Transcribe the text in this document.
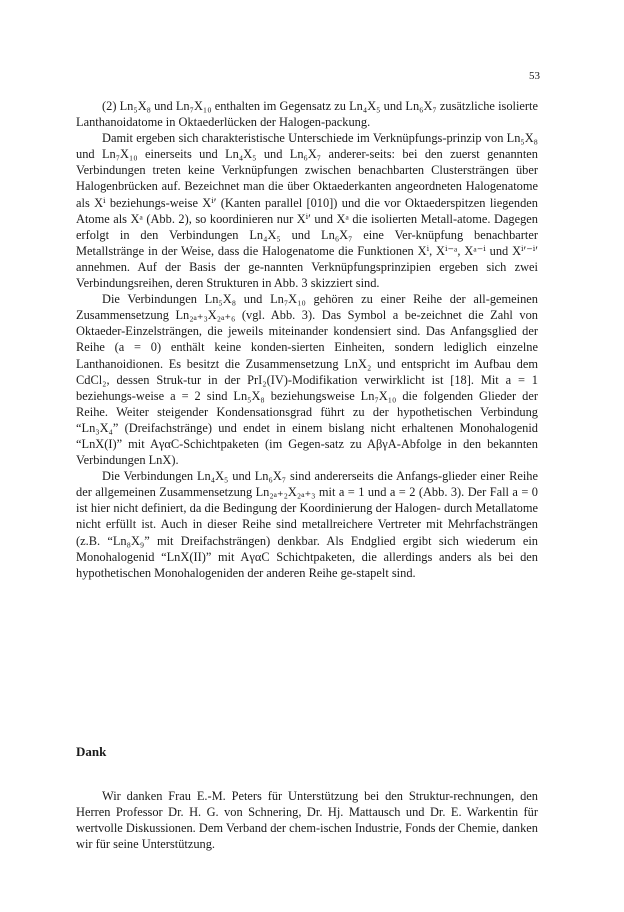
53

(2) Ln₅X₈ und Ln₇X₁₀ enthalten im Gegensatz zu Ln₄X₅ und Ln₆X₇ zusätzliche isolierte Lanthanoidatome in Oktaederlücken der Halogen-packung.

Damit ergeben sich charakteristische Unterschiede im Verknüpfungs-prinzip von Ln₅X₈ und Ln₇X₁₀ einerseits und Ln₄X₅ und Ln₆X₇ anderer-seits: bei den zuerst genannten Verbindungen treten keine Verknüpfungen zwischen benachbarten Clustersträngen über Halogenbrücken auf. Bezeichnet man die über Oktaederkanten angeordneten Halogenatome als Xⁱ beziehungs-weise Xⁱ′ (Kanten parallel [010]) und die vor Oktaederspitzen liegenden Atome als Xᵃ (Abb. 2), so koordinieren nur Xⁱ′ und Xᵃ die isolierten Metall-atome. Dagegen erfolgt in den Verbindungen Ln₄X₅ und Ln₆X₇ eine Ver-knüpfung benachbarter Metallstränge in der Weise, dass die Halogenatome die Funktionen Xⁱ, Xⁱ⁻ᵃ, Xᵃ⁻ⁱ und Xⁱ′⁻ⁱ′ annehmen. Auf der Basis der ge-nannten Verknüpfungsprinzipien ergeben sich zwei Verbindungsreihen, deren Strukturen in Abb. 3 skizziert sind.

Die Verbindungen Ln₅X₈ und Ln₇X₁₀ gehören zu einer Reihe der all-gemeinen Zusammensetzung Ln₂ₐ₊₃X₂ₐ₊₆ (vgl. Abb. 3). Das Symbol a be-zeichnet die Zahl von Oktaeder-Einzelsträngen, die jeweils miteinander kondensiert sind. Das Anfangsglied der Reihe (a = 0) enthält keine konden-sierten Einheiten, sondern lediglich einzelne Lanthanoidionen. Es besitzt die Zusammensetzung LnX₂ und entspricht im Aufbau dem CdCl₂, dessen Struk-tur in der PrI₂(IV)-Modifikation verwirklicht ist [18]. Mit a = 1 beziehungs-weise a = 2 sind Ln₅X₈ beziehungsweise Ln₇X₁₀ die folgenden Glieder der Reihe. Weiter steigender Kondensationsgrad führt zu der hypothetischen Verbindung “Ln₃X₄” (Dreifachstränge) und endet in einem bislang nicht erhaltenen Monohalogenid “LnX(I)” mit AγαC-Schichtpaketen (im Gegen-satz zu AβγA-Abfolge in den bekannten Verbindungen LnX).

Die Verbindungen Ln₄X₅ und Ln₆X₇ sind andererseits die Anfangs-glieder einer Reihe der allgemeinen Zusammensetzung Ln₂ₐ₊₂X₂ₐ₊₃ mit a = 1 und a = 2 (Abb. 3). Der Fall a = 0 ist hier nicht definiert, da die Bedingung der Koordinierung der Halogen- durch Metallatome nicht erfüllt ist. Auch in dieser Reihe sind metallreichere Vertreter mit Mehrfachsträngen (z.B. “Ln₈X₉” mit Dreifachsträngen) denkbar. Als Endglied ergibt sich wiederum ein Monohalogenid “LnX(II)” mit AγαC Schichtpaketen, die allerdings anders als bei den hypothetischen Monohalogeniden der anderen Reihe ge-stapelt sind.

Dank

Wir danken Frau E.-M. Peters für Unterstützung bei den Struktur-rechnungen, den Herren Professor Dr. H. G. von Schnering, Dr. Hj. Mattausch und Dr. E. Warkentin für wertvolle Diskussionen. Dem Verband der chem-ischen Industrie, Fonds der Chemie, danken wir für seine Unterstützung.
